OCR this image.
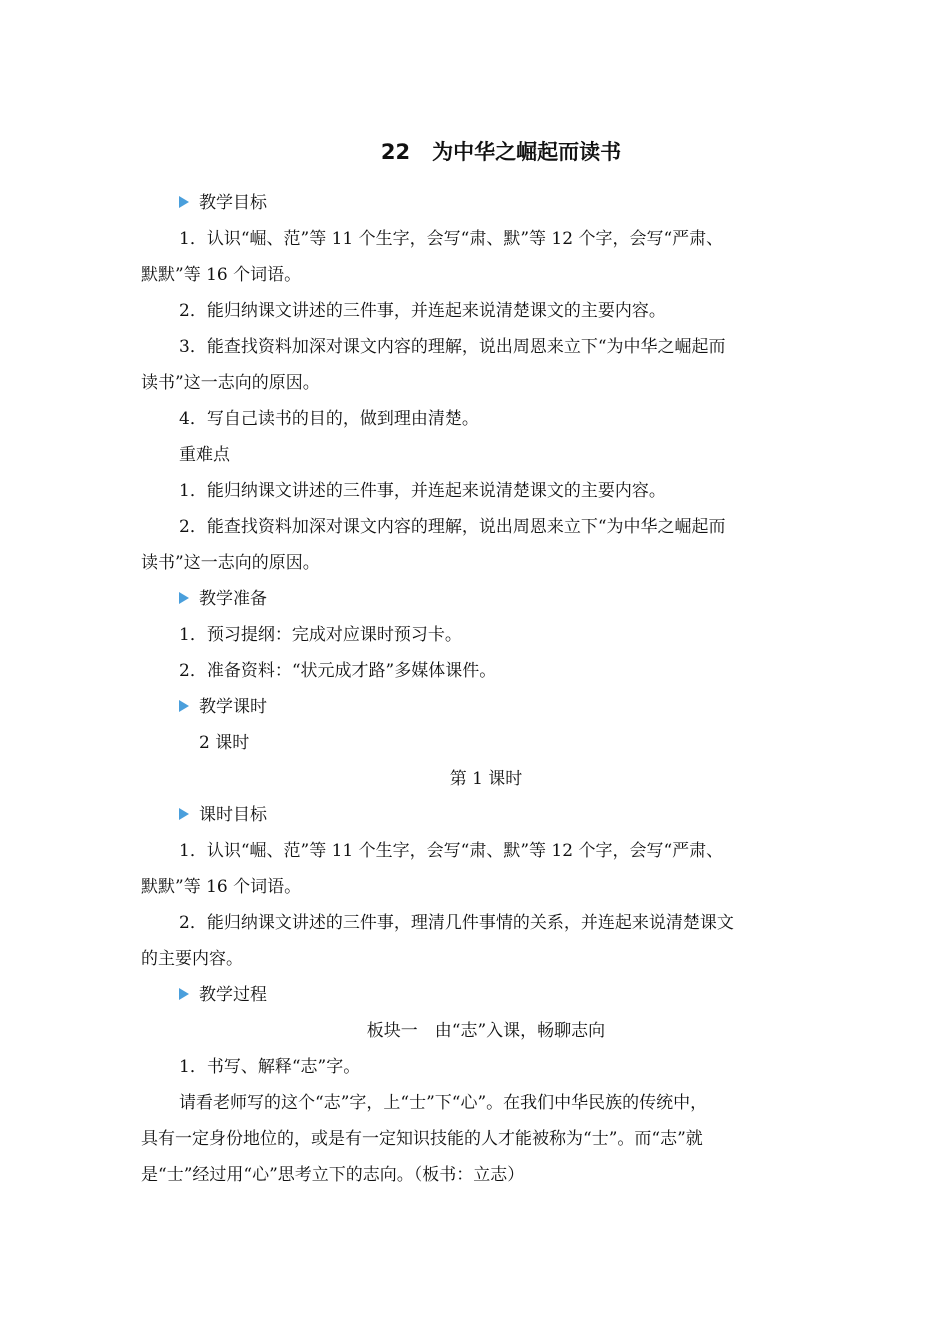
22 为中华之崛起而读书
教学目标
1．认识“崛、范”等 11 个生字，会写“肃、默”等 12 个字，会写“严肃、
默默”等 16 个词语。
2．能归纳课文讲述的三件事，并连起来说清楚课文的主要内容。
3．能查找资料加深对课文内容的理解，说出周恩来立下“为中华之崛起而
读书”这一志向的原因。
4．写自己读书的目的，做到理由清楚。
重难点
1．能归纳课文讲述的三件事，并连起来说清楚课文的主要内容。
2．能查找资料加深对课文内容的理解，说出周恩来立下“为中华之崛起而
读书”这一志向的原因。
教学准备
1．预习提纲：完成对应课时预习卡。
2．准备资料：“状元成才路”多媒体课件。
教学课时
2 课时
第 1 课时
课时目标
1．认识“崛、范”等 11 个生字，会写“肃、默”等 12 个字，会写“严肃、
默默”等 16 个词语。
2．能归纳课文讲述的三件事，理清几件事情的关系，并连起来说清楚课文
的主要内容。
教学过程
板块一　由“志”入课，畅聊志向
1．书写、解释“志”字。
请看老师写的这个“志”字，上“士”下“心”。在我们中华民族的传统中，
具有一定身份地位的，或是有一定知识技能的人才能被称为“士”。而“志”就
是“士”经过用“心”思考立下的志向。（板书：立志）
